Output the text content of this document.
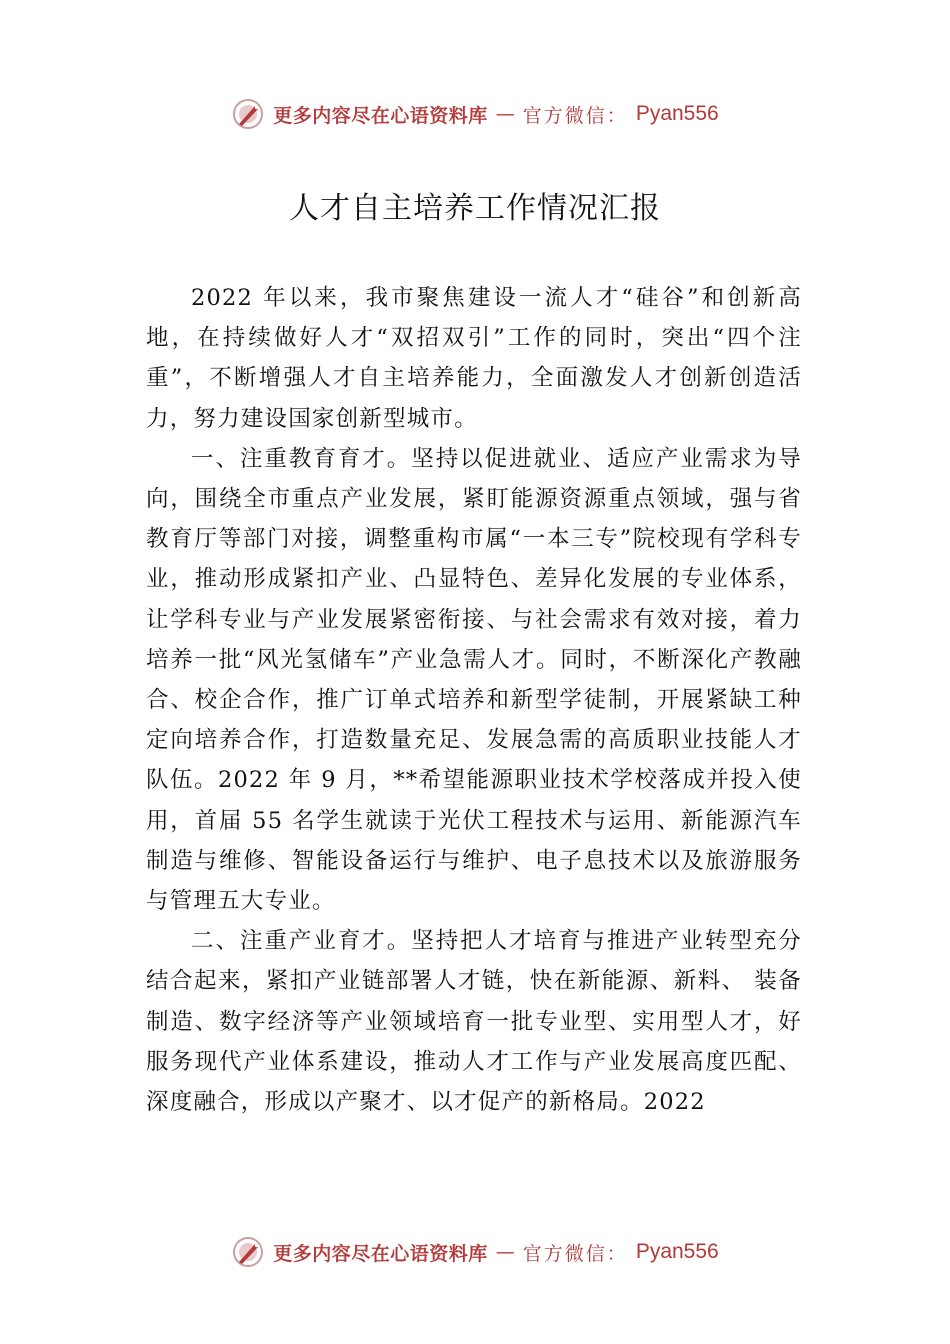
更多内容尽在心语资料库 — 官方微信： Pyan556
人才自主培养工作情况汇报

2022 年以来，我市聚焦建设一流人才“硅谷”和创新高地，在持续做好人才“双招双引”工作的同时，突出“四个注重”，不断增强人才自主培养能力，全面激发人才创新创造活力，努力建设国家创新型城市。

一、注重教育育才。坚持以促进就业、适应产业需求为导向，围绕全市重点产业发展，紧盯能源资源重点领域，强与省教育厅等部门对接，调整重构市属“一本三专”院校现有学科专业，推动形成紧扣产业、凸显特色、差异化发展的专业体系，让学科专业与产业发展紧密衔接、与社会需求有效对接，着力培养一批“风光氢储车”产业急需人才。同时，不断深化产教融合、校企合作，推广订单式培养和新型学徒制，开展紧缺工种定向培养合作，打造数量充足、发展急需的高质职业技能人才队伍。2022 年 9 月，**希望能源职业技术学校落成并投入使用，首届 55 名学生就读于光伏工程技术与运用、新能源汽车制造与维修、智能设备运行与维护、电子息技术以及旅游服务与管理五大专业。

二、注重产业育才。坚持把人才培育与推进产业转型充分结合起来，紧扣产业链部署人才链，快在新能源、新料、 装备制造、数字经济等产业领域培育一批专业型、实用型人才，好服务现代产业体系建设，推动人才工作与产业发展高度匹配、深度融合，形成以产聚才、以才促产的新格局。2022

更多内容尽在心语资料库 — 官方微信： Pyan556
